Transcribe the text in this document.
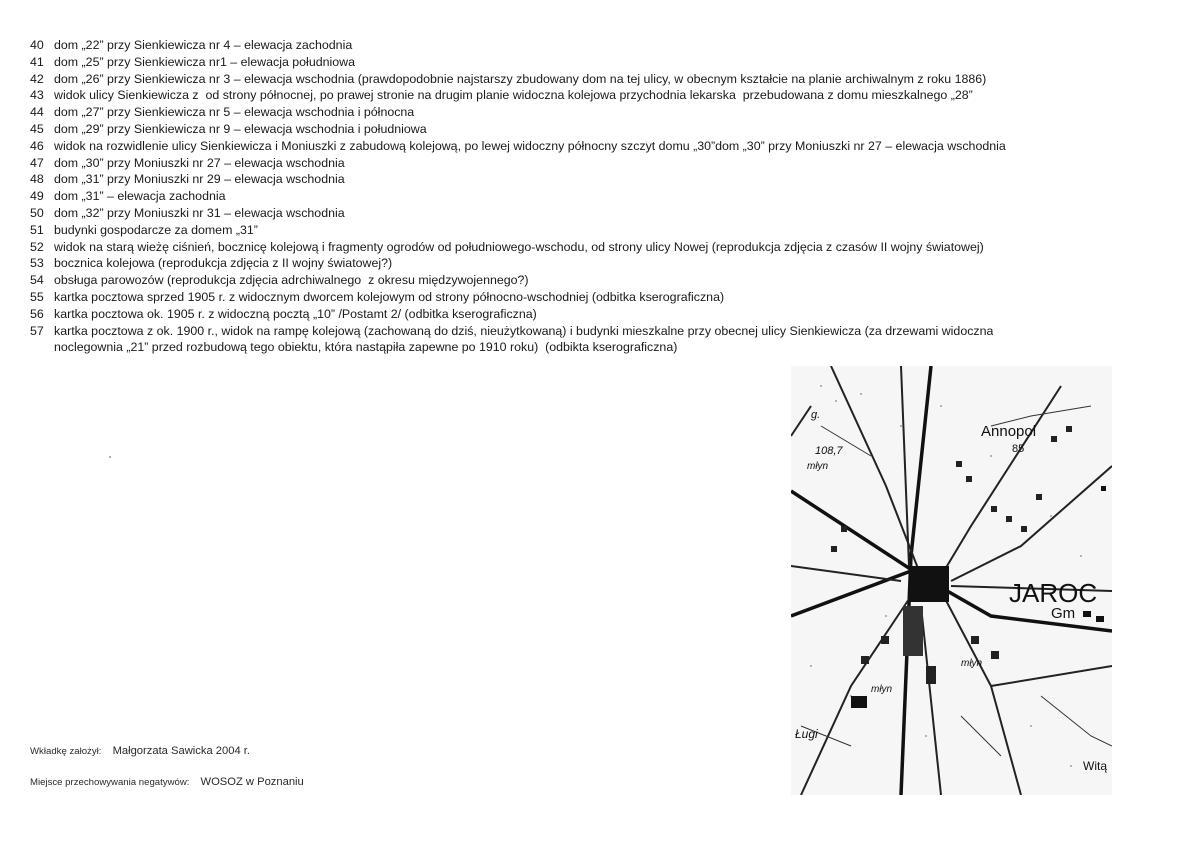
40 dom „22” przy Sienkiewicza nr 4 – elewacja zachodnia
41 dom „25” przy Sienkiewicza nr1 – elewacja południowa
42 dom „26” przy Sienkiewicza nr 3 – elewacja wschodnia (prawdopodobnie najstarszy zbudowany dom na tej ulicy, w obecnym kształcie na planie archiwalnym z roku 1886)
43 widok ulicy Sienkiewicza z  od strony północnej, po prawej stronie na drugim planie widoczna kolejowa przychodnia lekarska  przebudowana z domu mieszkalnego „28”
44 dom „27” przy Sienkiewicza nr 5 – elewacja wschodnia i północna
45 dom „29” przy Sienkiewicza nr 9 – elewacja wschodnia i południowa
46 widok na rozwidlenie ulicy Sienkiewicza i Moniuszki z zabudową kolejową, po lewej widoczny północny szczyt domu „30”dom „30” przy Moniuszki nr 27 – elewacja wschodnia
47 dom „30” przy Moniuszki nr 27 – elewacja wschodnia
48 dom „31” przy Moniuszki nr 29 – elewacja wschodnia
49 dom „31” – elewacja zachodnia
50 dom „32” przy Moniuszki nr 31 – elewacja wschodnia
51 budynki gospodarcze za domem „31”
52 widok na starą wieżę ciśnień, bocznicę kolejową i fragmenty ogrodów od południowego-wschodu, od strony ulicy Nowej (reprodukcja zdjęcia z czasów II wojny światowej)
53 bocznica kolejowa (reprodukcja zdjęcia z II wojny światowej?)
54 obsługa parowozów (reprodukcja zdjęcia adrchiwalnego  z okresu międzywojennego?)
55 kartka pocztowa sprzed 1905 r. z widocznym dworcem kolejowym od strony północno-wschodniej (odbitka kserograficzna)
56 kartka pocztowa ok. 1905 r. z widoczną pocztą „10” /Postamt 2/ (odbitka kserograficzna)
57 kartka pocztowa z ok. 1900 r., widok na rampę kolejową (zachowaną do dziś, nieużytkowaną) i budynki mieszkalne przy obecnej ulicy Sienkiewicza (za drzewami widoczna
noclegownia „21” przed rozbudową tego obiektu, która nastąpiła zapewne po 1910 roku)  (odbikta kserograficzna)
Wkładkę założył: Małgorzata Sawicka 2004 r.
Miejsce przechowywania negatywów: WOSOZ w Poznaniu
Annopol
85
108,7
młyn
g.
JAROC
Gm
Ługi
Witą
młyn
młyn
